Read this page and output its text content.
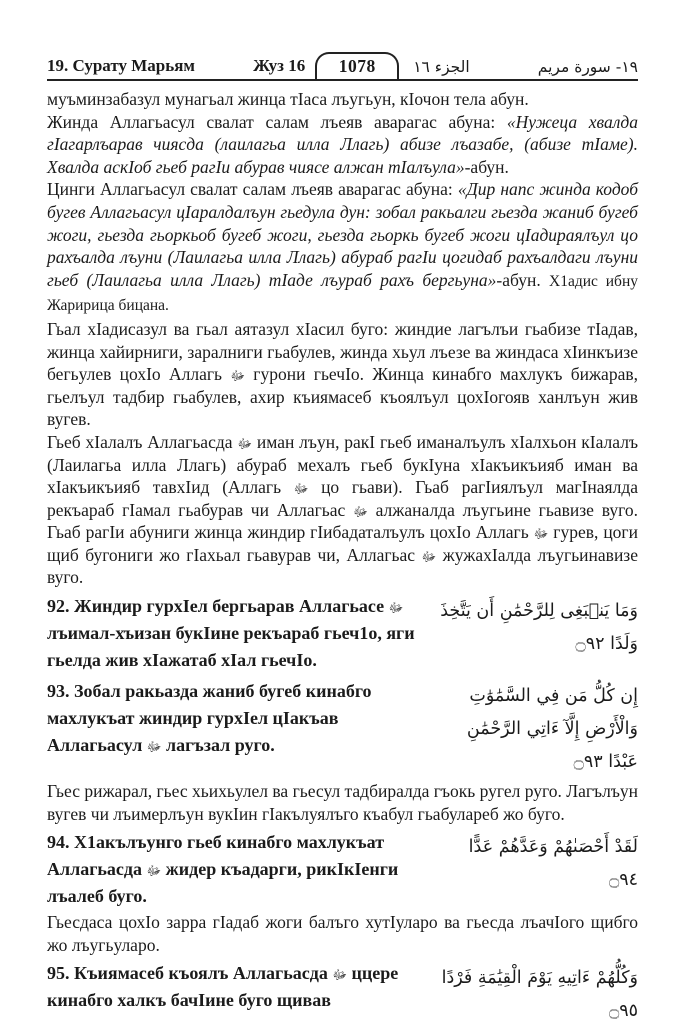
19. Сурату Марьям	Жуз 16	1078	الجزء ١٦	١٩- سورة مريم

муъминзабазул мунагьал жинца тIаса лъугьун, кIочон тела абун.

Жинда Аллагьасул свалат салам лъеяв аварагас абуна: «Нужеца хвалда гIагарлъарав чиясда (лаилагьа илла Ллагь) абизе лъазабе, (абизе тIаме). Хвалда аскIоб гьеб рагIи абурав чиясе алжан тIалъула»-абун.

Цинги Аллагьасул свалат салам лъеяв аварагас абуна: «Дир напс жинда кодоб бугев Аллагьасул цIаралдалъун гьедула дун: зобал ракьалги гьезда жаниб бугеб жоги, гьезда гьоркьоб бугеб жоги, гьезда гьоркь бугеб жоги цIадираялъул цо рахъалда лъуни (Лаилагьа илла Ллагь) абураб рагIи цогидаб рахъалдаги лъуни гьеб (Лаилагьа илла Ллагь) тIаде лъураб рахъ бергьуна»-абун. Х1адис ибну Жаририца бицана.

Гьал хIадисазул ва гьал аятазул хIасил буго: жиндие лагълъи гьабизе тIадав, жинца хайирниги, заралниги гьабулев, жинда хьул лъезе ва жиндаса хIинкъизе бегьулев цохIо Аллагь ﷻ гурони гьечIо. Жинца кинабго махлукъ бижарав, гьелъул тадбир гьабулев, ахир къиямасеб къоялъул цохIогояв ханлъун жив вугев.

Гьеб хIалалъ Аллагьасда ﷻ иман лъун, ракI гьеб иманалъулъ хIалхьон кIалалъ (Лаилагьа илла Ллагь) абураб мехалъ гьеб букIуна хIакъикъияб иман ва хIакъикъияб тавхIид (Аллагь ﷻ цо гьави). Гьаб рагIиялъул магIнаялда рекъараб гIамал гьабурав чи Аллагьас ﷻ алжаналда лъугьине гьавизе вуго. Гьаб рагIи абуниги жинца жиндир гIибадаталъулъ цохIо Аллагь ﷻ гурев, цоги щиб бугониги жо гIахьал гьавурав чи, Аллагьас ﷻ жужахIалда лъугьинавизе вуго.

92. Жиндир гурхIел бергьарав Аллагьасе ﷻ лъимал-хъизан букIине рекъараб гьеч1о, яги гьелда жив хIажатаб хIал гьечIо.

وَمَا يَنۢبَغِى لِلرَّحْمَٰنِ أَن يَتَّخِذَ وَلَدًا ۝٩٢

93. Зобал ракьазда жаниб бугеб кинабго махлукъат жиндир гурхIел цIакъав Аллагьасул ﷻ лагъзал руго.

إِن كُلُّ مَن فِي السَّمَٰوَٰتِ وَالْأَرْضِ إِلَّآ ءَاتِي الرَّحْمَٰنِ عَبْدًا ۝٩٣

Гьес рижарал, гьес хьихьулел ва гьесул тадбиралда гъокь ругел руго. Лагълъун вугев чи лъимерлъун вукIин гIакълуялъго къабул гьабулареб жо буго.

94. Х1акълъунго гьеб кинабго махлукъат Аллагьасда ﷻ жидер къадарги, рикIкIенги лъалеб буго.

لَقَدْ أَحْصَىٰهُمْ وَعَدَّهُمْ عَدًّا ۝٩٤

Гьесдаса цохIо зарра гIадаб жоги балъго хутIуларо ва гьесда лъачIого щибго жо лъугьуларо.

95. Къиямасеб къоялъ Аллагьасда ﷻ ццере кинабго халкъ бачIине буго щивав

وَكُلُّهُمْ ءَاتِيهِ يَوْمَ الْقِيَٰمَةِ فَرْدًا ۝٩٥
